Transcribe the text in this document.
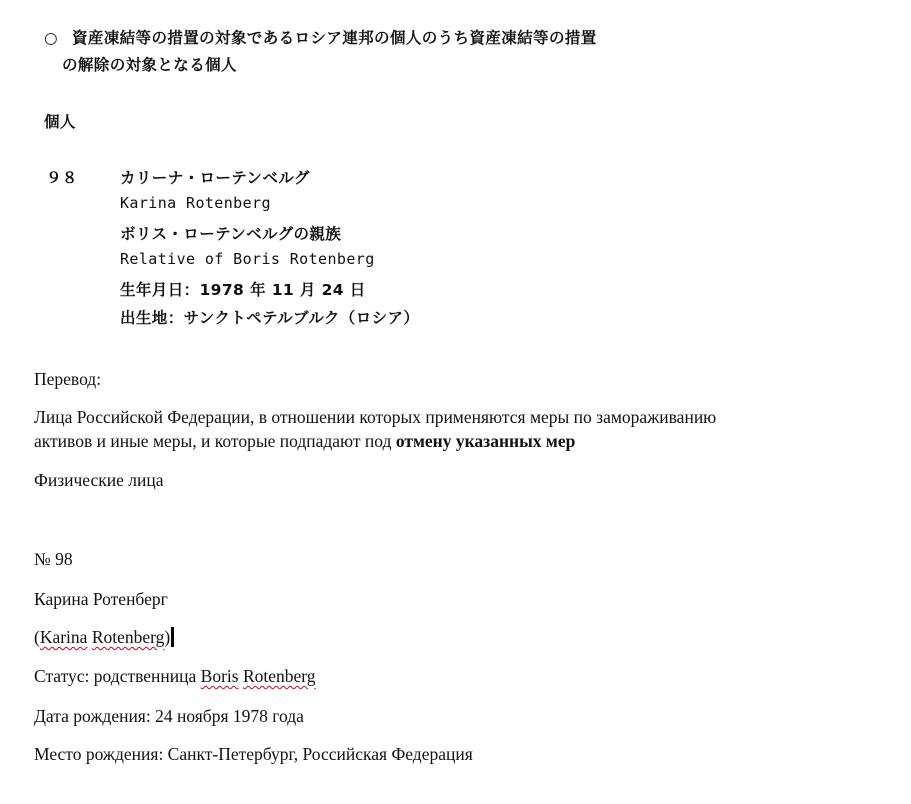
○ 資産凍結等の措置の対象であるロシア連邦の個人のうち資産凍結等の措置
の解除の対象となる個人
個人
９８	カリーナ・ローテンベルグ
Karina Rotenberg
ボリス・ローテンベルグの親族
Relative of Boris Rotenberg
生年月日：1978 年 11 月 24 日
出生地：サンクトペテルブルク（ロシア）
Перевод:
Лица Российской Федерации, в отношении которых применяются меры по замораживанию
активов и иные меры, и которые подпадают под отмену указанных мер
Физические лица
№ 98
Карина Ротенберг
(Karina Rotenberg)
Статус: родственница Boris Rotenberg
Дата рождения: 24 ноября 1978 года
Место рождения: Санкт-Петербург, Российская Федерация
